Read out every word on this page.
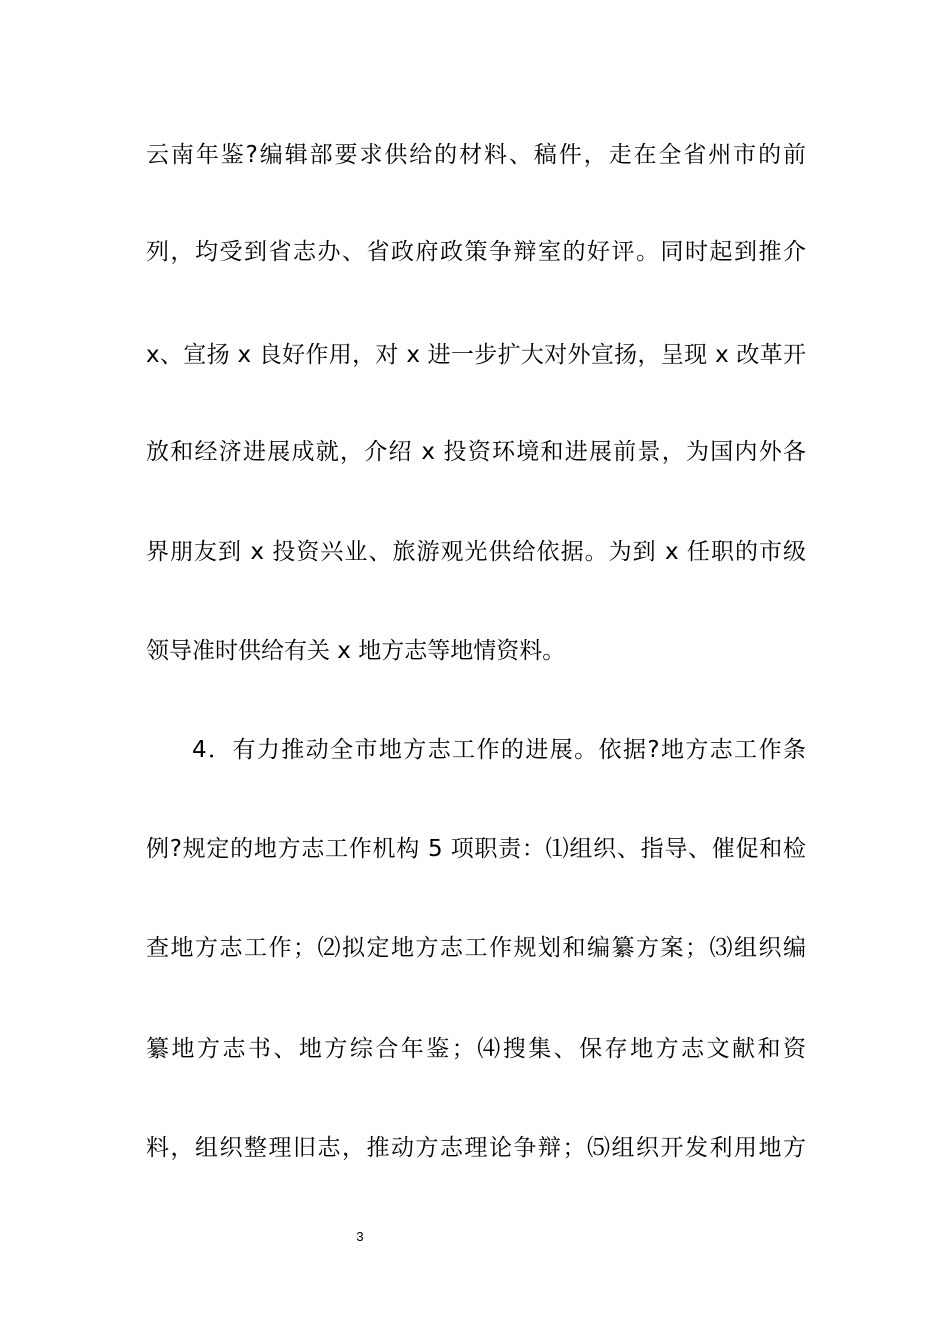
云南年鉴?编辑部要求供给的材料、稿件，走在全省州市的前
列，均受到省志办、省政府政策争辩室的好评。同时起到推介
x、宣扬 x 良好作用，对 x 进一步扩大对外宣扬，呈现 x 改革开
放和经济进展成就，介绍 x 投资环境和进展前景，为国内外各
界朋友到 x 投资兴业、旅游观光供给依据。为到 x 任职的市级
领导准时供给有关 x 地方志等地情资料。
4．有力推动全市地方志工作的进展。依据?地方志工作条
例?规定的地方志工作机构 5 项职责：⑴组织、指导、催促和检
查地方志工作；⑵拟定地方志工作规划和编纂方案；⑶组织编
纂地方志书、地方综合年鉴；⑷搜集、保存地方志文献和资
料，组织整理旧志，推动方志理论争辩；⑸组织开发利用地方
3
